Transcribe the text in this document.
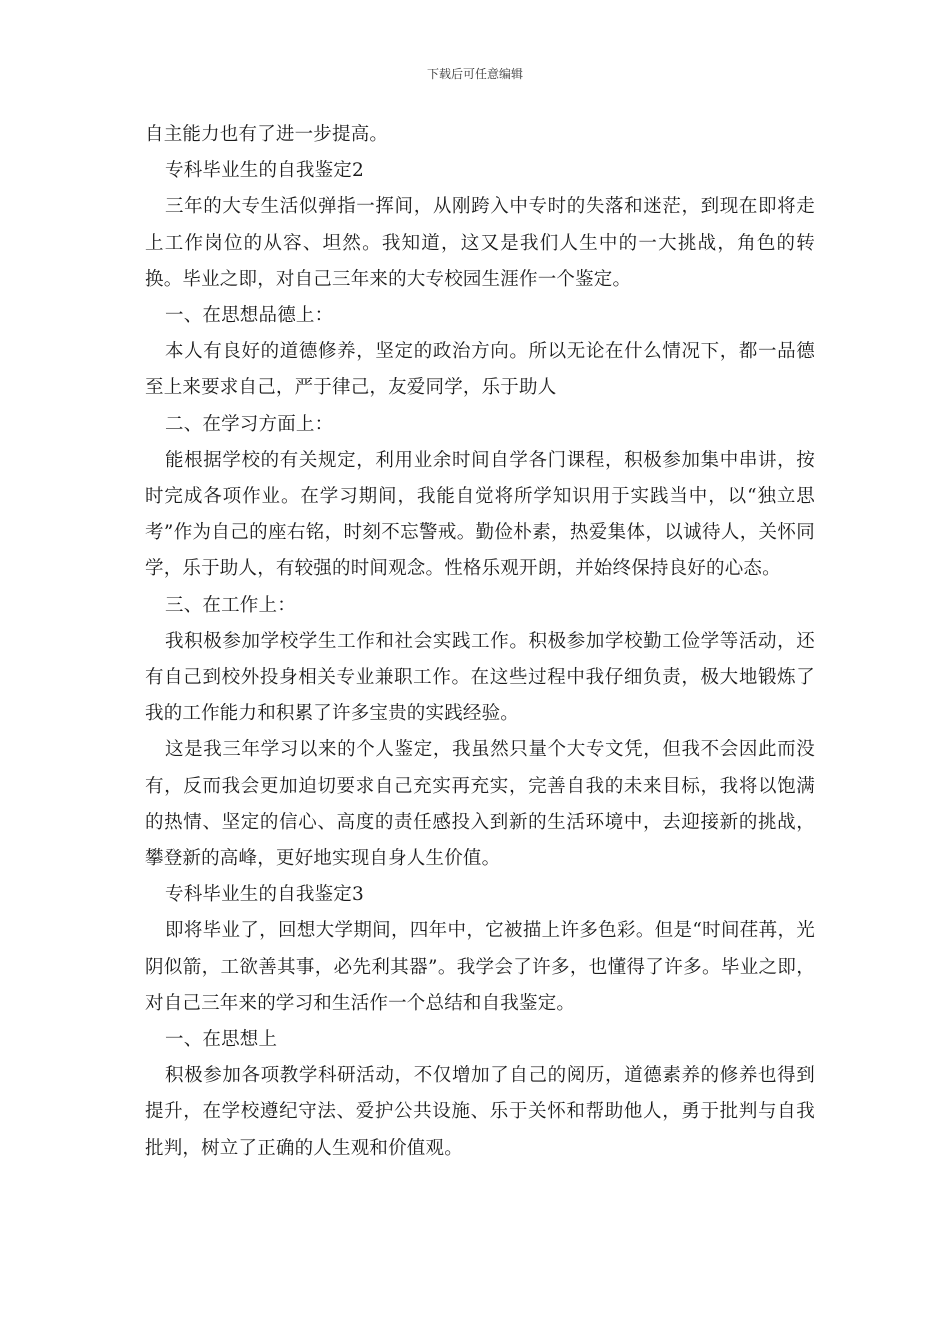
下载后可任意编辑

自主能力也有了进一步提高。

专科毕业生的自我鉴定2

三年的大专生活似弹指一挥间，从刚跨入中专时的失落和迷茫，到现在即将走上工作岗位的从容、坦然。我知道，这又是我们人生中的一大挑战，角色的转换。毕业之即，对自己三年来的大专校园生涯作一个鉴定。

一、在思想品德上：

本人有良好的道德修养，坚定的政治方向。所以无论在什么情况下，都一品德至上来要求自己，严于律己，友爱同学，乐于助人

二、在学习方面上：

能根据学校的有关规定，利用业余时间自学各门课程，积极参加集中串讲，按时完成各项作业。在学习期间，我能自觉将所学知识用于实践当中，以“独立思考”作为自己的座右铭，时刻不忘警戒。勤俭朴素，热爱集体，以诚待人，关怀同学，乐于助人，有较强的时间观念。性格乐观开朗，并始终保持良好的心态。

三、在工作上：

我积极参加学校学生工作和社会实践工作。积极参加学校勤工俭学等活动，还有自己到校外投身相关专业兼职工作。在这些过程中我仔细负责，极大地锻炼了我的工作能力和积累了许多宝贵的实践经验。

这是我三年学习以来的个人鉴定，我虽然只量个大专文凭，但我不会因此而没有，反而我会更加迫切要求自己充实再充实，完善自我的未来目标，我将以饱满的热情、坚定的信心、高度的责任感投入到新的生活环境中，去迎接新的挑战，攀登新的高峰，更好地实现自身人生价值。

专科毕业生的自我鉴定3

即将毕业了，回想大学期间，四年中，它被描上许多色彩。但是“时间荏苒，光阴似箭，工欲善其事，必先利其器”。我学会了许多，也懂得了许多。毕业之即，对自己三年来的学习和生活作一个总结和自我鉴定。

一、在思想上

积极参加各项教学科研活动，不仅增加了自己的阅历，道德素养的修养也得到提升，在学校遵纪守法、爱护公共设施、乐于关怀和帮助他人，勇于批判与自我批判，树立了正确的人生观和价值观。
